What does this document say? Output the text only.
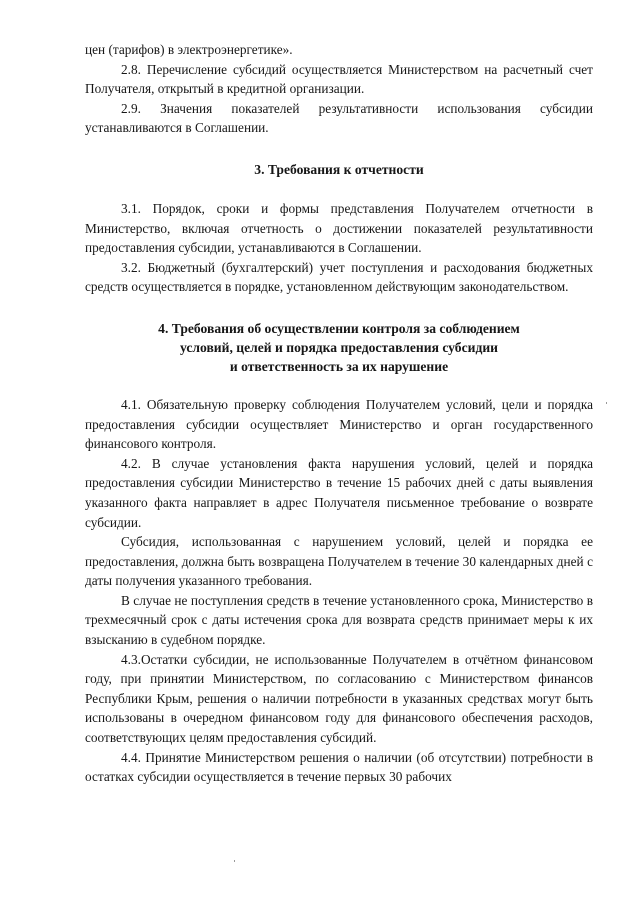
цен (тарифов) в электроэнергетике».

2.8. Перечисление субсидий осуществляется Министерством на расчетный счет Получателя, открытый в кредитной организации.

2.9. Значения показателей результативности использования субсидии устанавливаются в Соглашении.

3. Требования к отчетности

3.1. Порядок, сроки и формы представления Получателем отчетности в Министерство, включая отчетность о достижении показателей результативности предоставления субсидии, устанавливаются в Соглашении.

3.2. Бюджетный (бухгалтерский) учет поступления и расходования бюджетных средств осуществляется в порядке, установленном действующим законодательством.

4. Требования об осуществлении контроля за соблюдением
условий, целей и порядка предоставления субсидии
и ответственность за их нарушение

4.1. Обязательную проверку соблюдения Получателем условий, цели и порядка предоставления субсидии осуществляет Министерство и орган государственного финансового контроля.

4.2. В случае установления факта нарушения условий, целей и порядка предоставления субсидии Министерство в течение 15 рабочих дней с даты выявления указанного факта направляет в адрес Получателя письменное требование о возврате субсидии.

Субсидия, использованная с нарушением условий, целей и порядка ее предоставления, должна быть возвращена Получателем в течение 30 календарных дней с даты получения указанного требования.

В случае не поступления средств в течение установленного срока, Министерство в трехмесячный срок с даты истечения срока для возврата средств принимает меры к их взысканию в судебном порядке.

4.3.Остатки субсидии, не использованные Получателем в отчётном финансовом году, при принятии Министерством, по согласованию с Министерством финансов Республики Крым, решения о наличии потребности в указанных средствах могут быть использованы в очередном финансовом году для финансового обеспечения расходов, соответствующих целям предоставления субсидий.

4.4. Принятие Министерством решения о наличии (об отсутствии) потребности в остатках субсидии осуществляется в течение первых 30 рабочих
